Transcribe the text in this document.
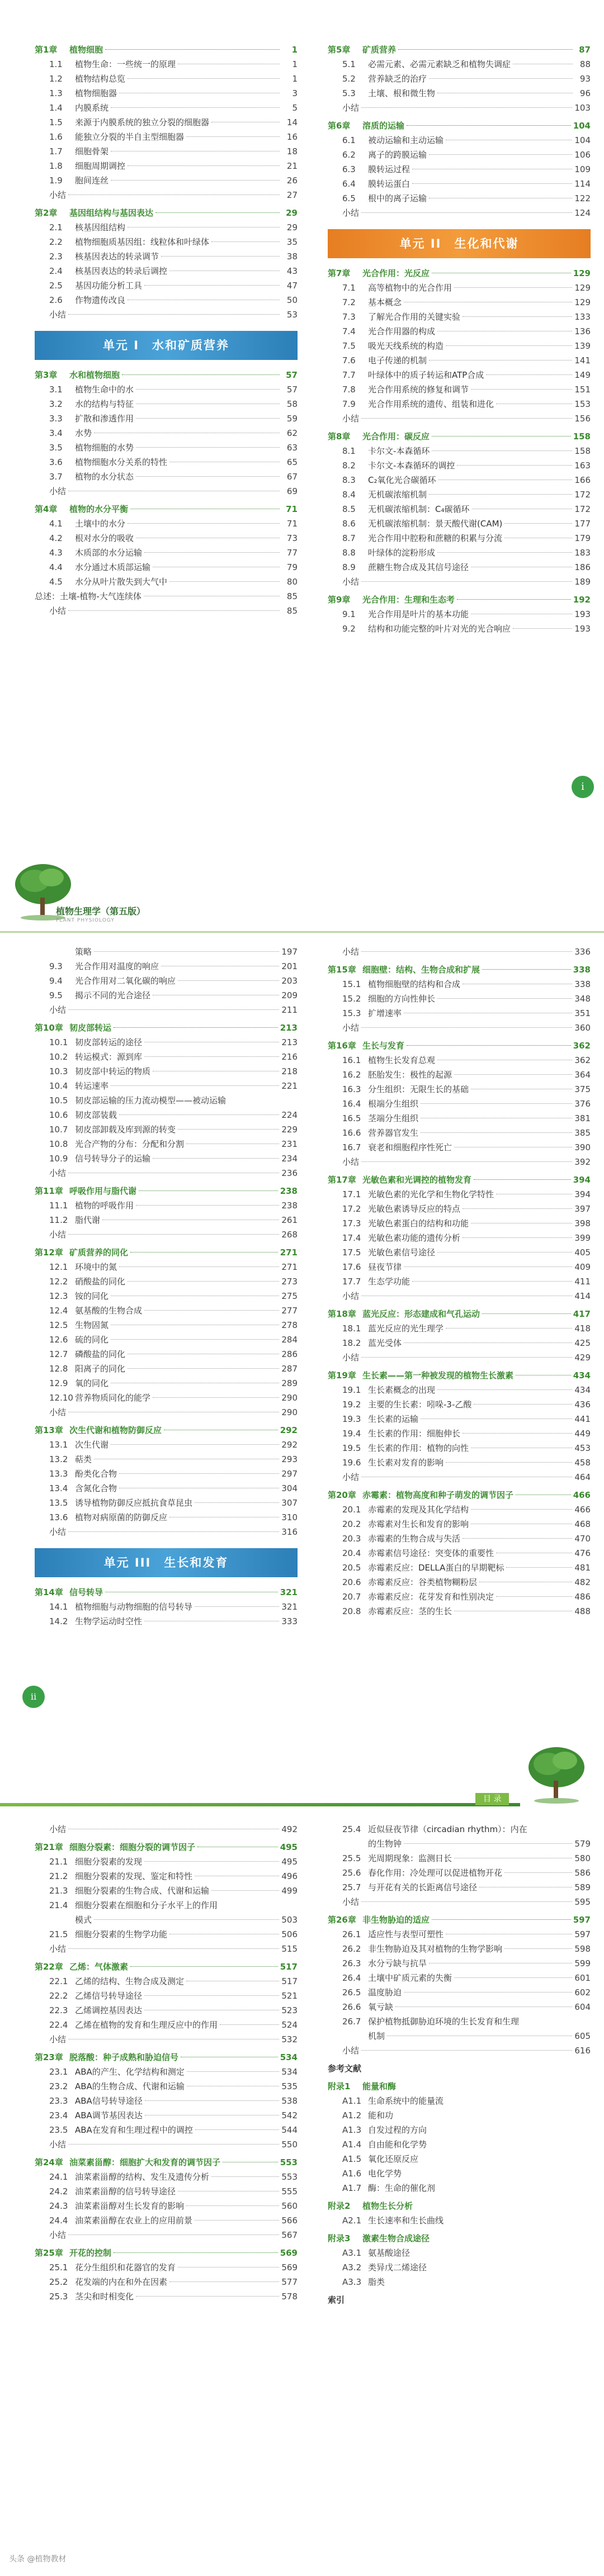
第1章	植物细胞	1
1.1	植物生命：一些统一的原理	1
1.2	植物结构总览	1
1.3	植物细胞器	3
1.4	内膜系统	5
1.5	来源于内膜系统的独立分裂的细胞器	14
1.6	能独立分裂的半自主型细胞器	16
1.7	细胞骨架	18
1.8	细胞周期调控	21
1.9	胞间连丝	26
小结	27
第2章	基因组结构与基因表达	29
2.1	核基因组结构	29
2.2	植物细胞质基因组：线粒体和叶绿体	35
2.3	核基因表达的转录调节	38
2.4	核基因表达的转录后调控	43
2.5	基因功能分析工具	47
2.6	作物遗传改良	50
小结	53
单元 I　水和矿质营养
第3章	水和植物细胞	57
3.1	植物生命中的水	57
3.2	水的结构与特征	58
3.3	扩散和渗透作用	59
3.4	水势	62
3.5	植物细胞的水势	63
3.6	植物细胞水分关系的特性	65
3.7	植物的水分状态	67
小结	69
第4章	植物的水分平衡	71
4.1	土壤中的水分	71
4.2	根对水分的吸收	73
4.3	木质部的水分运输	77
4.4	水分通过木质部运输	79
4.5	水分从叶片散失到大气中	80
总述：土壤-植物-大气连续体	85
小结	85
第5章	矿质营养	87
5.1	必需元素、必需元素缺乏和植物失调症	88
5.2	营养缺乏的治疗	93
5.3	土壤、根和微生物	96
小结	103
第6章	溶质的运输	104
6.1	被动运输和主动运输	104
6.2	离子的跨膜运输	106
6.3	膜转运过程	109
6.4	膜转运蛋白	114
6.5	根中的离子运输	122
小结	124
单元 II　生化和代谢
第7章	光合作用：光反应	129
7.1	高等植物中的光合作用	129
7.2	基本概念	129
7.3	了解光合作用的关键实验	133
7.4	光合作用器的构成	136
7.5	吸光天线系统的构造	139
7.6	电子传递的机制	141
7.7	叶绿体中的质子转运和ATP合成	149
7.8	光合作用系统的修复和调节	151
7.9	光合作用系统的遗传、组装和进化	153
小结	156
第8章	光合作用：碳反应	158
8.1	卡尔文-本森循环	158
8.2	卡尔文-本森循环的调控	163
8.3	C₂氧化光合碳循环	166
8.4	无机碳浓缩机制	172
8.5	无机碳浓缩机制：C₄碳循环	172
8.6	无机碳浓缩机制：景天酸代谢(CAM)	177
8.7	光合作用中腔粉和蔗糖的积累与分流	179
8.8	叶绿体的淀粉形成	183
8.9	蔗糖生物合成及其信号途径	186
小结	189
第9章	光合作用：生理和生态考	192
9.1	光合作用是叶片的基本功能	193
9.2	结构和功能完整的叶片对光的光合响应	193
i
植物生理学（第五版）
PLANT PHYSIOLOGY
策略	197
9.3	光合作用对温度的响应	201
9.4	光合作用对二氧化碳的响应	203
9.5	揭示不同的光合途径	209
小结	211
第10章 韧皮部转运	213
10.1 韧皮部转运的途径	213
10.2 转运模式：源到库	216
10.3 韧皮部中转运的物质	218
10.4 转运速率	221
10.5 韧皮部运输的压力流动模型——被动运输
10.6 韧皮部装载	224
10.7 韧皮部卸载及库到源的转变	229
10.8 光合产物的分布：分配和分割	231
10.9 信号转导分子的运输	234
小结	236
第11章 呼吸作用与脂代谢	238
11.1 植物的呼吸作用	238
11.2 脂代谢	261
小结	268
第12章 矿质营养的同化	271
12.1 环境中的氮	271
12.2 硝酸盐的同化	273
12.3 铵的同化	275
12.4 氨基酸的生物合成	277
12.5 生物固氮	278
12.6 硫的同化	284
12.7 磷酸盐的同化	286
12.8 阳离子的同化	287
12.9 氧的同化	289
12.10 营养物质同化的能学	290
小结	290
第13章 次生代谢和植物防御反应	292
13.1 次生代谢	292
13.2 萜类	293
13.3 酚类化合物	297
13.4 含氮化合物	304
13.5 诱导植物防御反应抵抗食草昆虫	307
13.6 植物对病原菌的防御反应	310
小结	316
单元 III　生长和发育
第14章 信号转导	321
14.1 植物细胞与动物细胞的信号转导	321
14.2 生物学运动时空性	333
小结	336
第15章 细胞壁：结构、生物合成和扩展	338
15.1 植物细胞壁的结构和合成	338
15.2 细胞的方向性伸长	348
15.3 扩增速率	351
小结	360
第16章 生长与发育	362
16.1 植物生长发育总观	362
16.2 胚胎发生：极性的起源	364
16.3 分生组织：无限生长的基础	375
16.4 根端分生组织	376
16.5 茎端分生组织	381
16.6 营养器官发生	385
16.7 衰老和细胞程序性死亡	390
小结	392
第17章 光敏色素和光调控的植物发育	394
17.1 光敏色素的光化学和生物化学特性	394
17.2 光敏色素诱导反应的特点	397
17.3 光敏色素蛋白的结构和功能	398
17.4 光敏色素功能的遗传分析	399
17.5 光敏色素信号途径	405
17.6 昼夜节律	409
17.7 生态学功能	411
小结	414
第18章 蓝光反应：形态建成和气孔运动	417
18.1 蓝光反应的光生理学	418
18.2 蓝光受体	425
小结	429
第19章 生长素——第一种被发现的植物生长激素	434
19.1 生长素概念的出现	434
19.2 主要的生长素：吲哚-3-乙酸	436
19.3 生长素的运输	441
19.4 生长素的作用：细胞伸长	449
19.5 生长素的作用：植物的向性	453
19.6 生长素对发育的影响	458
小结	464
第20章 赤霉素：植物高度和种子萌发的调节因子	466
20.1 赤霉素的发现及其化学结构	466
20.2 赤霉素对生长和发育的影响	468
20.3 赤霉素的生物合成与失活	470
20.4 赤霉素信号途径：突变体的重要性	476
20.5 赤霉素反应：DELLA蛋白的早期靶标	481
20.6 赤霉素反应：谷类植物糊粉层	482
20.7 赤霉素反应：花芽发育和性别决定	486
20.8 赤霉素反应：茎的生长	488
ii
目 录
小结	492
第21章 细胞分裂素：细胞分裂的调节因子	495
21.1 细胞分裂素的发现	495
21.2 细胞分裂素的发现、鉴定和特性	496
21.3 细胞分裂素的生物合成、代谢和运输	499
21.4 细胞分裂素在细胞和分子水平上的作用
模式	503
21.5 细胞分裂素的生物学功能	506
小结	515
第22章 乙烯：气体激素	517
22.1 乙烯的结构、生物合成及测定	517
22.2 乙烯信号转导途径	521
22.3 乙烯调控基因表达	523
22.4 乙烯在植物的发育和生理反应中的作用	524
小结	532
第23章 脱落酸：种子成熟和胁迫信号	534
23.1 ABA的产生、化学结构和测定	534
23.2 ABA的生物合成、代谢和运输	535
23.3 ABA信号转导途径	538
23.4 ABA调节基因表达	542
23.5 ABA在发育和生理过程中的调控	544
小结	550
第24章 油菜素甾醇：细胞扩大和发育的调节因子	553
24.1 油菜素甾醇的结构、发生及遗传分析	553
24.2 油菜素甾醇的信号转导途径	555
24.3 油菜素甾醇对生长发育的影响	560
24.4 油菜素甾醇在农业上的应用前景	566
小结	567
第25章 开花的控制	569
25.1 花分生组织和花器官的发育	569
25.2 花发端的内在和外在因素	577
25.3 茎尖和时相变化	578
25.4 近似昼夜节律（circadian rhythm）：内在
的生物钟	579
25.5 光周期现象：监测日长	580
25.6 春化作用：冷处理可以促进植物开花	586
25.7 与开花有关的长距离信号途径	589
小结	595
第26章 非生物胁迫的适应	597
26.1 适应性与表型可塑性	597
26.2 非生物胁迫及其对植物的生物学影响	598
26.3 水分亏缺与抗旱	599
26.4 土壤中矿质元素的失衡	601
26.5 温度胁迫	602
26.6 氧亏缺	604
26.7 保护植物抵御胁迫环境的生长发育和生理
机制	605
小结	616
参考文献
附录1	能量和酶
A1.1 生命系统中的能量流
A1.2 能和功
A1.3 自发过程的方向
A1.4 自由能和化学势
A1.5 氧化还原反应
A1.6 电化学势
A1.7 酶：生命的催化剂
附录2	植物生长分析
A2.1 生长速率和生长曲线
附录3	激素生物合成途径
A3.1 氨基酸途径
A3.2 类异戊二烯途径
A3.3 脂类
索引
头条 @植物教材
